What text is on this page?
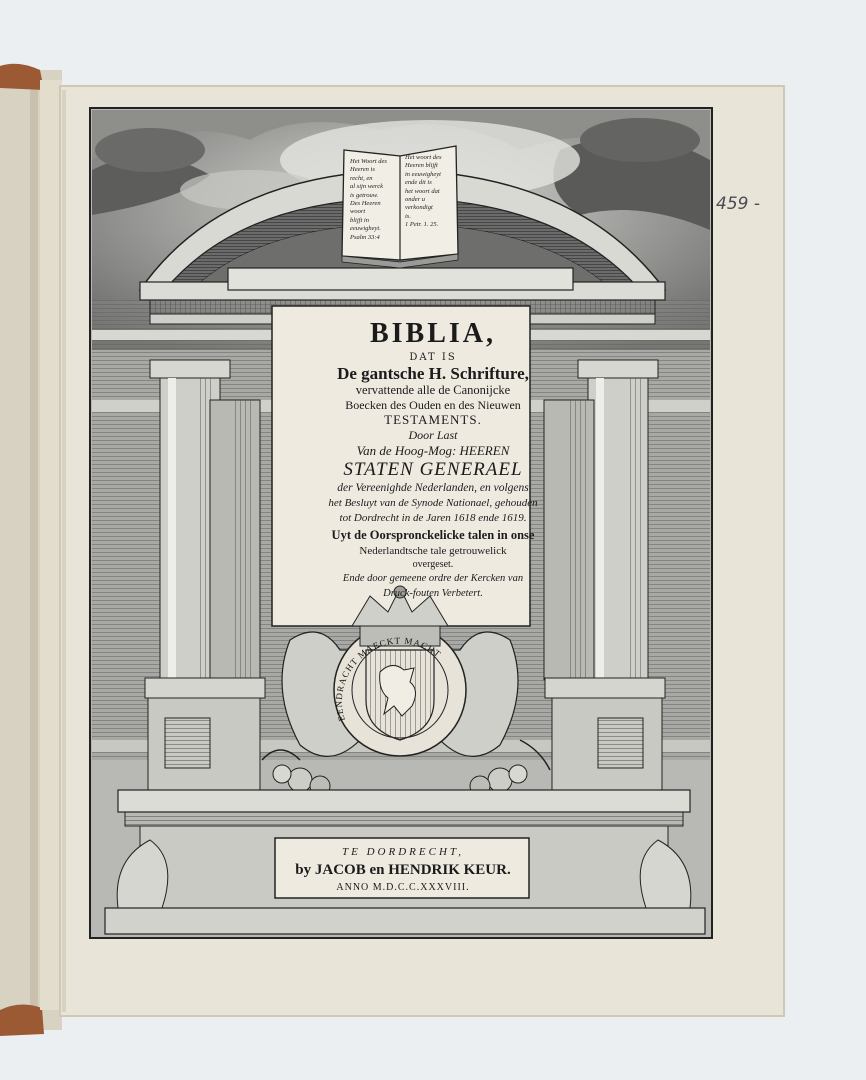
EENDRACHT MAECKT MACHT
Het Woort des
Heeren is
recht, en
al sijn werck
is getrouw.
Des Heeren
woort
blijft in
eeuwigheyt.
Psalm 33:4
Het woort des
Heeren blijft
in eeuwigheyt
ende dit is
het woort dat
onder u
verkondigt
is.
1 Petr. 1. 25.
BIBLIA,
DAT IS
De gantsche H. Schrifture,
vervattende alle de Canonijcke
Boecken des Ouden en des Nieuwen
TESTAMENTS.
Door Last
Van de Hoog-Mog: HEEREN
STATEN GENERAEL
der Vereenighde Nederlanden, en volgens
het Besluyt van de Synode Nationael, gehouden
tot Dordrecht in de Jaren 1618 ende 1619.
Uyt de Oorspronckelicke talen in onse
Nederlandtsche tale getrouwelick
overgeset.
Ende door gemeene ordre der Kercken van
Druck-fouten Verbetert.
TE DORDRECHT,
by JACOB en HENDRIK KEUR.
ANNO M.D.C.C.XXXVIII.
459 -
